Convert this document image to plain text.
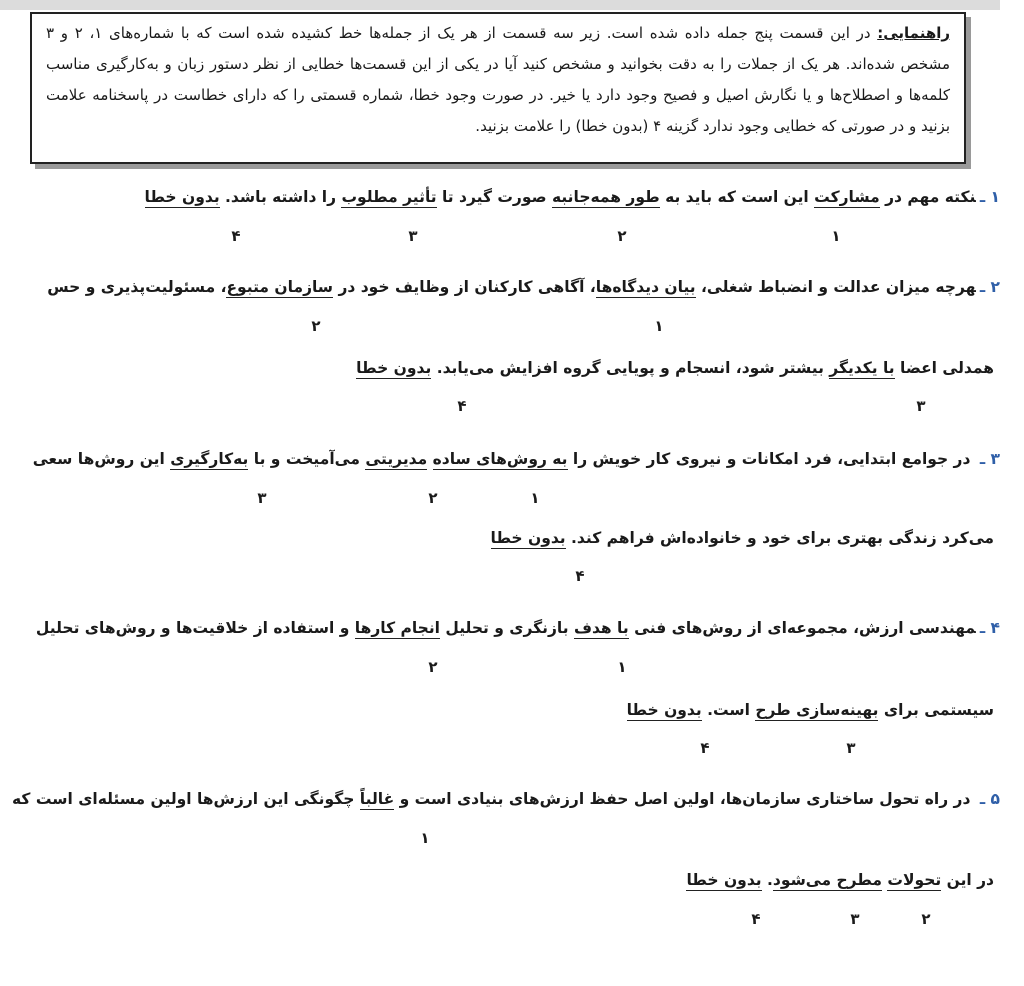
راهنمایی: در این قسمت پنج جمله داده شده است. زیر سه قسمت از هر یک از جمله‌ها خط کشیده شده است که با شماره‌های ۱، ۲ و ۳ مشخص شده‌اند. هر یک از جملات را به دقت بخوانید و مشخص کنید آیا در یکی از این قسمت‌ها خطایی از نظر دستور زبان و به‌کارگیری مناسب کلمه‌ها و اصطلاح‌ها و یا نگارش اصیل و فصیح وجود دارد یا خیر. در صورت وجود خطا، شماره قسمتی را که دارای خطاست در پاسخنامه علامت بزنید و در صورتی که خطایی وجود ندارد گزینه ۴ (بدون خطا) را علامت بزنید.
۱ ـنکته مهم در مشارکت این است که باید به طور همه‌جانبه صورت گیرد تا تأثیر مطلوب را داشته باشد. بدون خطا
۲ ـهرچه میزان عدالت و انضباط شغلی، بیان دیدگاه‌ها، آگاهی کارکنان از وظایف خود در سازمان متبوع، مسئولیت‌پذیری و حس
همدلی اعضا با یکدیگر بیشتر شود، انسجام و پویایی گروه افزایش می‌یابد. بدون خطا
۳ ـ در جوامع ابتدایی، فرد امکانات و نیروی کار خویش را به روش‌های ساده مدیریتی می‌آمیخت و با به‌کارگیری این روش‌ها سعی
می‌کرد زندگی بهتری برای خود و خانواده‌اش فراهم کند. بدون خطا
۴ ـمهندسی ارزش، مجموعه‌ای از روش‌های فنی با هدف بازنگری و تحلیل انجام کارها و استفاده از خلاقیت‌ها و روش‌های تحلیل
سیستمی برای بهینه‌سازی طرح است. بدون خطا
۵ ـ در راه تحول ساختاری سازمان‌ها، اولین اصل حفظ ارزش‌های بنیادی است و غالباً چگونگی این ارزش‌ها اولین مسئله‌ای است که
در این تحولات مطرح می‌شود. بدون خطا
۱
۲
۳
۴
۱
۲
۳
۴
۱
۲
۳
۴
۱
۲
۳
۴
۱
۲
۳
۴
